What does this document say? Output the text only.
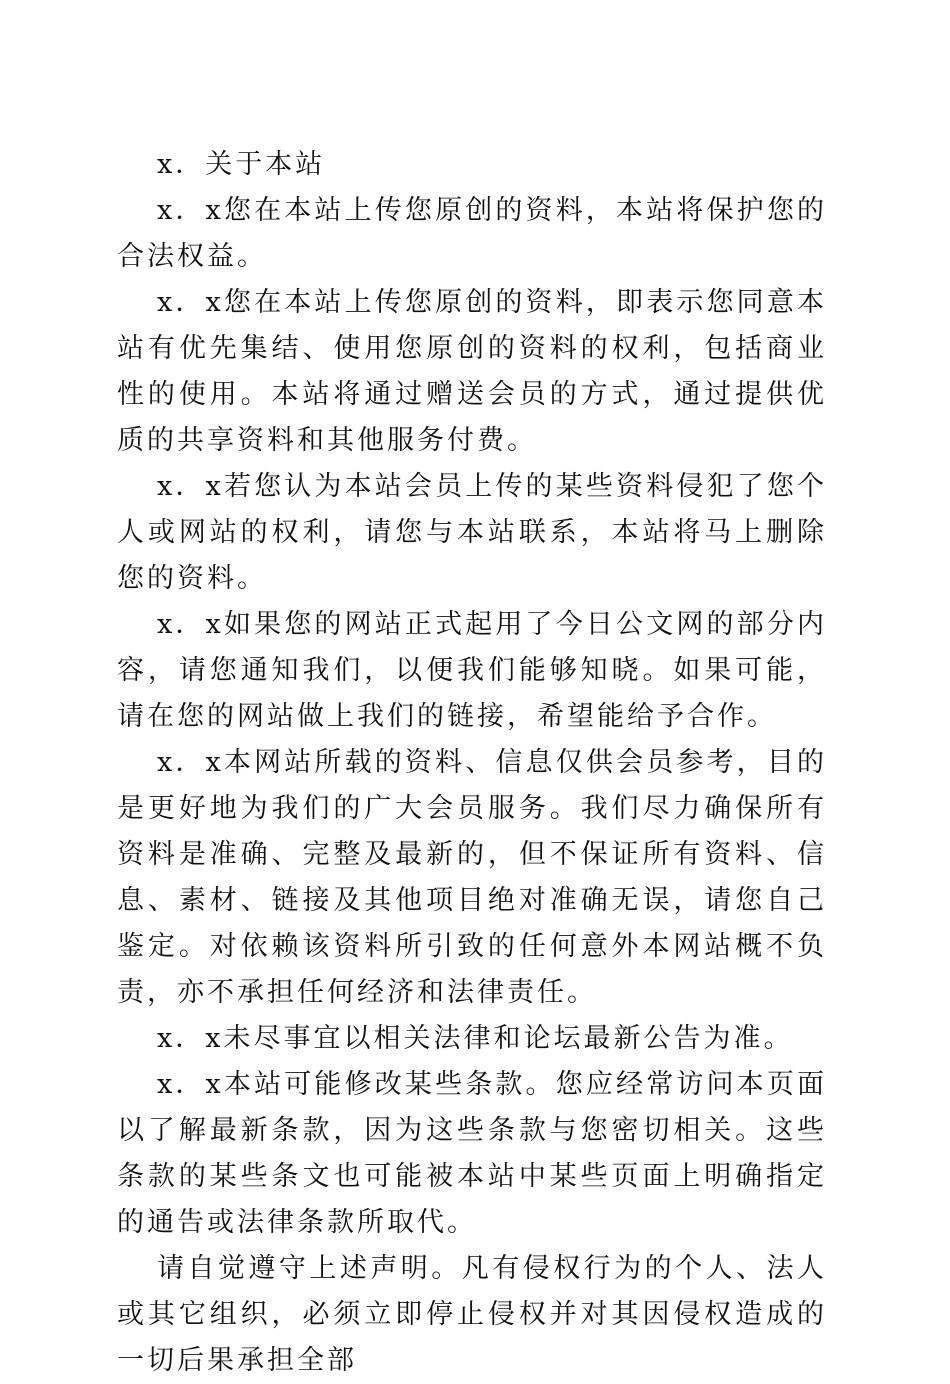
x．关于本站

x．x您在本站上传您原创的资料，本站将保护您的合法权益。

x．x您在本站上传您原创的资料，即表示您同意本站有优先集结、使用您原创的资料的权利，包括商业性的使用。本站将通过赠送会员的方式，通过提供优质的共享资料和其他服务付费。

x．x若您认为本站会员上传的某些资料侵犯了您个人或网站的权利，请您与本站联系，本站将马上删除您的资料。

x．x如果您的网站正式起用了今日公文网的部分内容，请您通知我们，以便我们能够知晓。如果可能，请在您的网站做上我们的链接，希望能给予合作。

x．x本网站所载的资料、信息仅供会员参考，目的是更好地为我们的广大会员服务。我们尽力确保所有资料是准确、完整及最新的，但不保证所有资料、信息、素材、链接及其他项目绝对准确无误，请您自己鉴定。对依赖该资料所引致的任何意外本网站概不负责，亦不承担任何经济和法律责任。

x．x未尽事宜以相关法律和论坛最新公告为准。

x．x本站可能修改某些条款。您应经常访问本页面以了解最新条款，因为这些条款与您密切相关。这些条款的某些条文也可能被本站中某些页面上明确指定的通告或法律条款所取代。

请自觉遵守上述声明。凡有侵权行为的个人、法人或其它组织，必须立即停止侵权并对其因侵权造成的一切后果承担全部
